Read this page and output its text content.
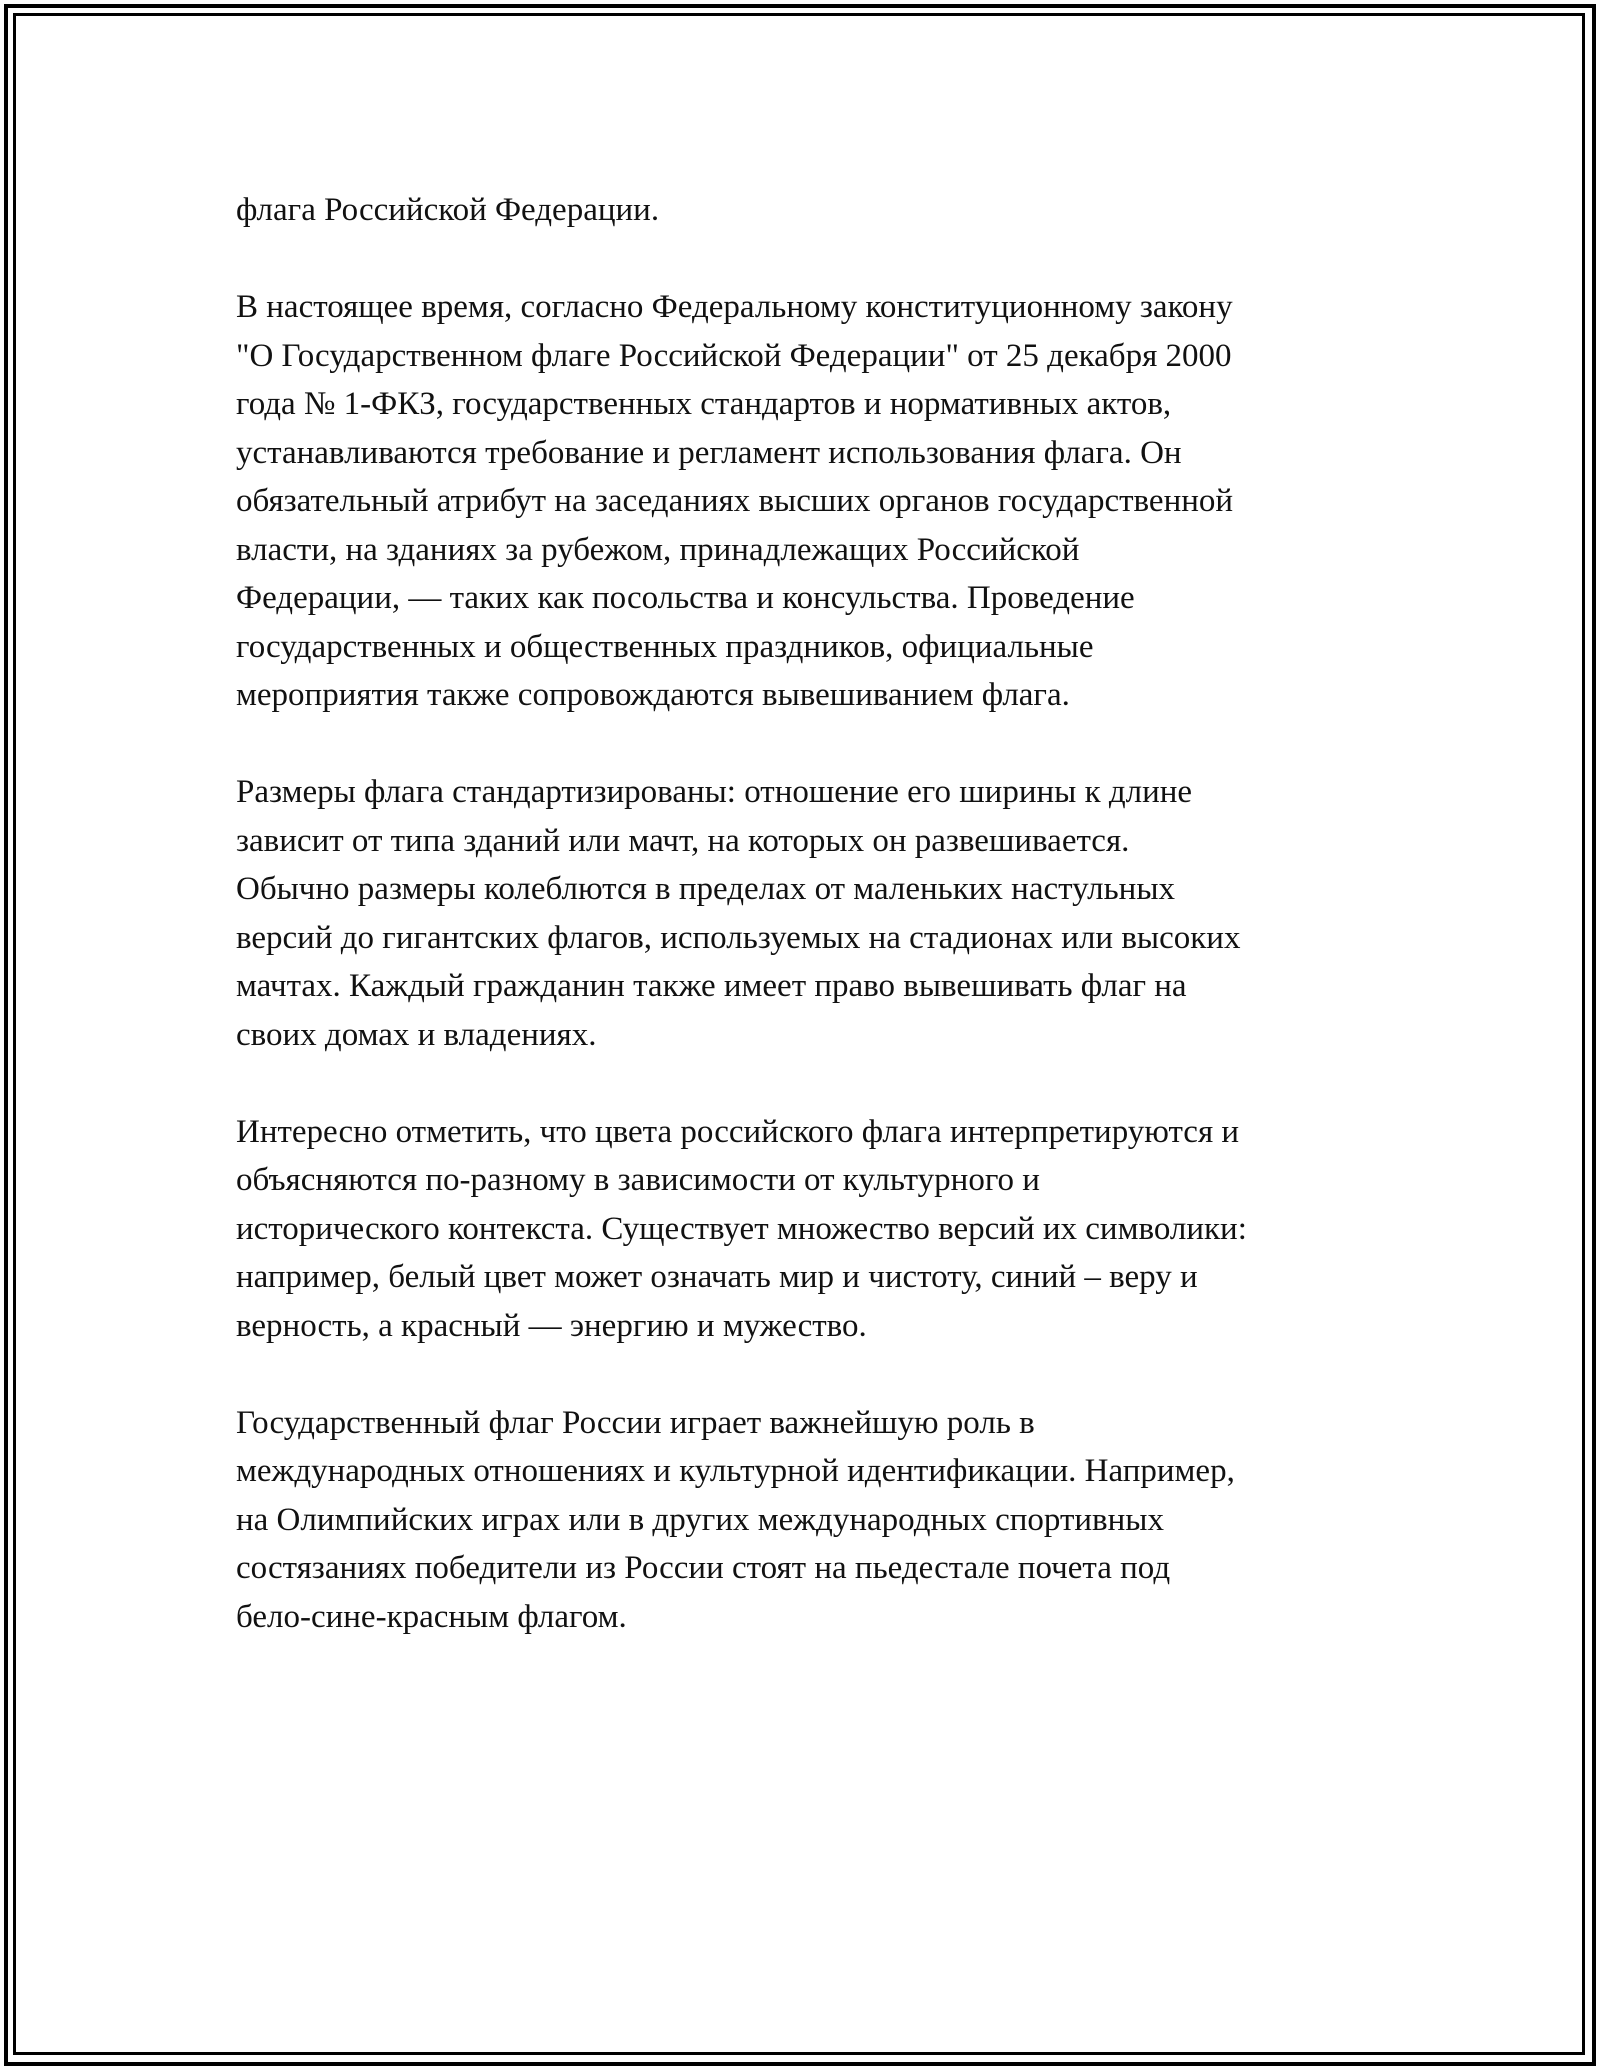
флага Российской Федерации.

В настоящее время, согласно Федеральному конституционному закону
"О Государственном флаге Российской Федерации" от 25 декабря 2000
года № 1-ФКЗ, государственных стандартов и нормативных актов,
устанавливаются требование и регламент использования флага. Он
обязательный атрибут на заседаниях высших органов государственной
власти, на зданиях за рубежом, принадлежащих Российской
Федерации, — таких как посольства и консульства. Проведение
государственных и общественных праздников, официальные
мероприятия также сопровождаются вывешиванием флага.

Размеры флага стандартизированы: отношение его ширины к длине
зависит от типа зданий или мачт, на которых он развешивается.
Обычно размеры колеблются в пределах от маленьких настульных
версий до гигантских флагов, используемых на стадионах или высоких
мачтах. Каждый гражданин также имеет право вывешивать флаг на
своих домах и владениях.

Интересно отметить, что цвета российского флага интерпретируются и
объясняются по-разному в зависимости от культурного и
исторического контекста. Существует множество версий их символики:
например, белый цвет может означать мир и чистоту, синий – веру и
верность, а красный — энергию и мужество.

Государственный флаг России играет важнейшую роль в
международных отношениях и культурной идентификации. Например,
на Олимпийских играх или в других международных спортивных
состязаниях победители из России стоят на пьедестале почета под
бело-сине-красным флагом.
